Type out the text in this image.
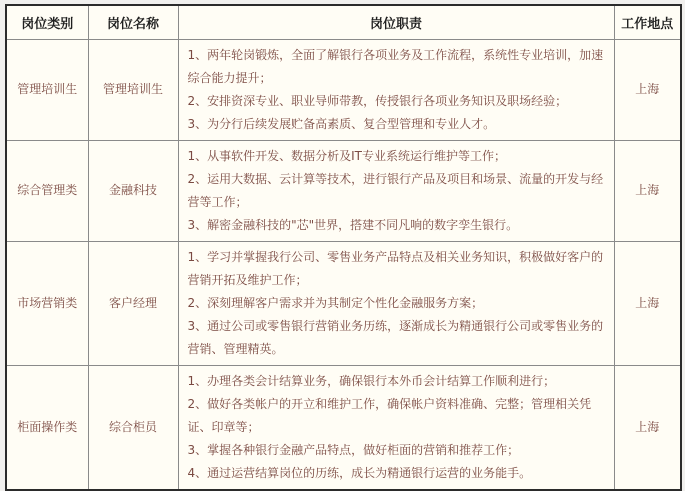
岗位类别	岗位名称	岗位职责	工作地点
管理培训生	管理培训生	1、两年轮岗锻炼，全面了解银行各项业务及工作流程，系统性专业培训，加速综合能力提升；
2、安排资深专业、职业导师带教，传授银行各项业务知识及职场经验；
3、为分行后续发展贮备高素质、复合型管理和专业人才。	上海
综合管理类	金融科技	1、从事软件开发、数据分析及IT专业系统运行维护等工作；
2、运用大数据、云计算等技术，进行银行产品及项目和场景、流量的开发与经营等工作；
3、解密金融科技的"芯"世界，搭建不同凡响的数字孪生银行。	上海
市场营销类	客户经理	1、学习并掌握我行公司、零售业务产品特点及相关业务知识，积极做好客户的营销开拓及维护工作；
2、深刻理解客户需求并为其制定个性化金融服务方案；
3、通过公司或零售银行营销业务历练，逐渐成长为精通银行公司或零售业务的营销、管理精英。	上海
柜面操作类	综合柜员	1、办理各类会计结算业务，确保银行本外币会计结算工作顺利进行；
2、做好各类帐户的开立和维护工作，确保帐户资料准确、完整；管理相关凭证、印章等；
3、掌握各种银行金融产品特点，做好柜面的营销和推荐工作；
4、通过运营结算岗位的历练，成长为精通银行运营的业务能手。	上海
